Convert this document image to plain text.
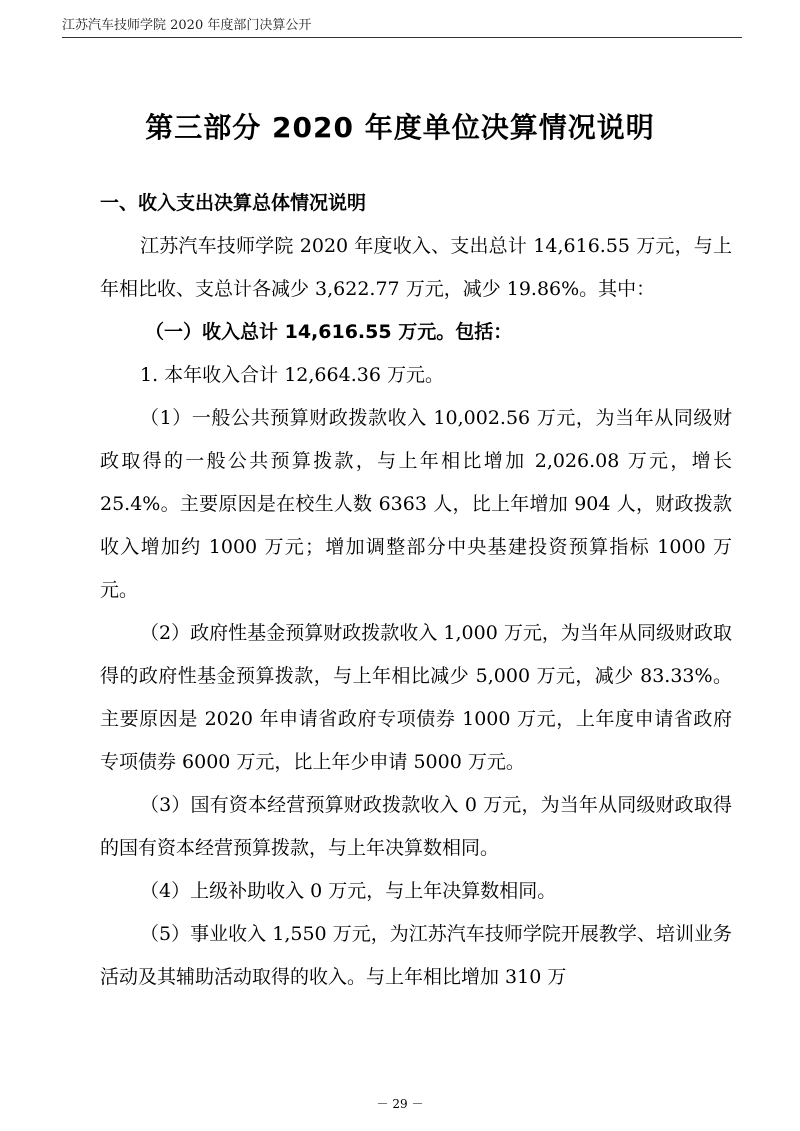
江苏汽车技师学院 2020 年度部门决算公开
第三部分 2020 年度单位决算情况说明

一、收入支出决算总体情况说明

江苏汽车技师学院 2020 年度收入、支出总计 14,616.55 万元，与上年相比收、支总计各减少 3,622.77 万元，减少 19.86%。其中：

（一）收入总计 14,616.55 万元。包括：

1. 本年收入合计 12,664.36 万元。

（1）一般公共预算财政拨款收入 10,002.56 万元，为当年从同级财政取得的一般公共预算拨款，与上年相比增加 2,026.08 万元，增长 25.4%。主要原因是在校生人数 6363 人，比上年增加 904 人，财政拨款收入增加约 1000 万元；增加调整部分中央基建投资预算指标 1000 万元。

（2）政府性基金预算财政拨款收入 1,000 万元，为当年从同级财政取得的政府性基金预算拨款，与上年相比减少 5,000 万元，减少 83.33%。主要原因是 2020 年申请省政府专项债券 1000 万元，上年度申请省政府专项债券 6000 万元，比上年少申请 5000 万元。

（3）国有资本经营预算财政拨款收入 0 万元，为当年从同级财政取得的国有资本经营预算拨款，与上年决算数相同。

（4）上级补助收入 0 万元，与上年决算数相同。

（5）事业收入 1,550 万元，为江苏汽车技师学院开展教学、培训业务活动及其辅助活动取得的收入。与上年相比增加 310 万

－ 29 －
